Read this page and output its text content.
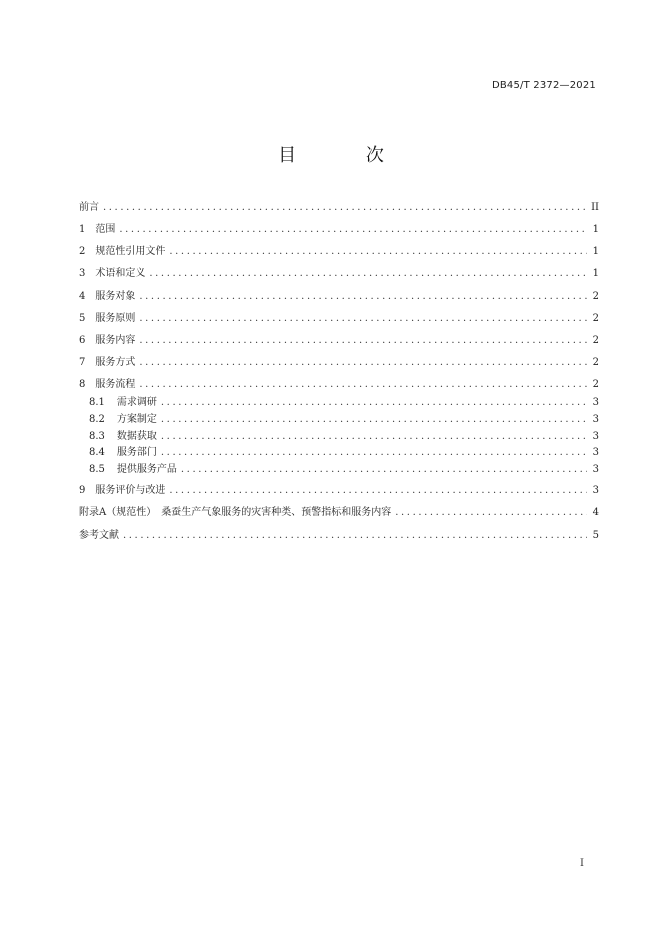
DB45/T 2372—2021
目 次
前言 .....	II
1 范围 .....	1
2 规范性引用文件 .....	1
3 术语和定义 .....	1
4 服务对象 .....	2
5 服务原则 .....	2
6 服务内容 .....	2
7 服务方式 .....	2
8 服务流程 .....	2
8.1 需求调研 .....	3
8.2 方案制定 .....	3
8.3 数据获取 .....	3
8.4 服务部门 .....	3
8.5 提供服务产品 .....	3
9 服务评价与改进 .....	3
附录A（规范性）　桑蚕生产气象服务的灾害种类、预警指标和服务内容 .....	4
参考文献 .....	5
I
